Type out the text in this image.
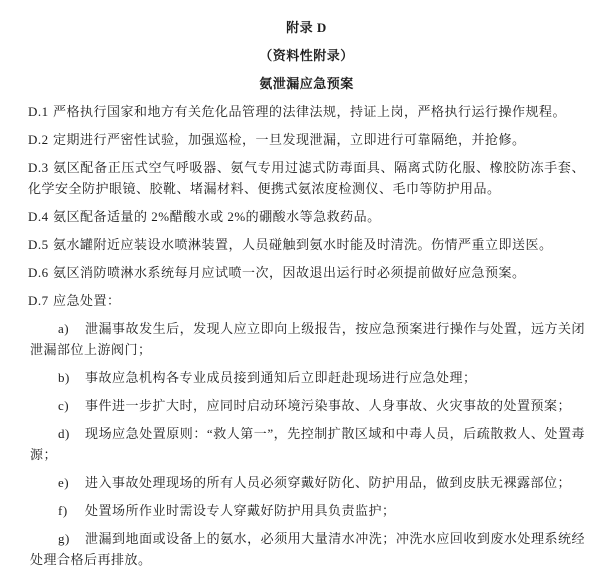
附录 D

（资料性附录）

氨泄漏应急预案

D.1 严格执行国家和地方有关危化品管理的法律法规，持证上岗，严格执行运行操作规程。

D.2 定期进行严密性试验，加强巡检，一旦发现泄漏，立即进行可靠隔绝，并抢修。

D.3 氨区配备正压式空气呼吸器、氨气专用过滤式防毒面具、隔离式防化服、橡胶防冻手套、化学安全防护眼镜、胶靴、堵漏材料、便携式氨浓度检测仪、毛巾等防护用品。

D.4 氨区配备适量的 2%醋酸水或 2%的硼酸水等急救药品。

D.5 氨水罐附近应装设水喷淋装置，人员碰触到氨水时能及时清洗。伤情严重立即送医。

D.6 氨区消防喷淋水系统每月应试喷一次，因故退出运行时必须提前做好应急预案。

D.7 应急处置：

a) 泄漏事故发生后，发现人应立即向上级报告，按应急预案进行操作与处置，远方关闭泄漏部位上游阀门；

b) 事故应急机构各专业成员接到通知后立即赶赴现场进行应急处理；

c) 事件进一步扩大时，应同时启动环境污染事故、人身事故、火灾事故的处置预案；

d) 现场应急处置原则：“救人第一”，先控制扩散区域和中毒人员，后疏散救人、处置毒源；

e) 进入事故处理现场的所有人员必须穿戴好防化、防护用品，做到皮肤无裸露部位；

f) 处置场所作业时需设专人穿戴好防护用具负责监护；

g) 泄漏到地面或设备上的氨水，必须用大量清水冲洗；冲洗水应回收到废水处理系统经处理合格后再排放。
